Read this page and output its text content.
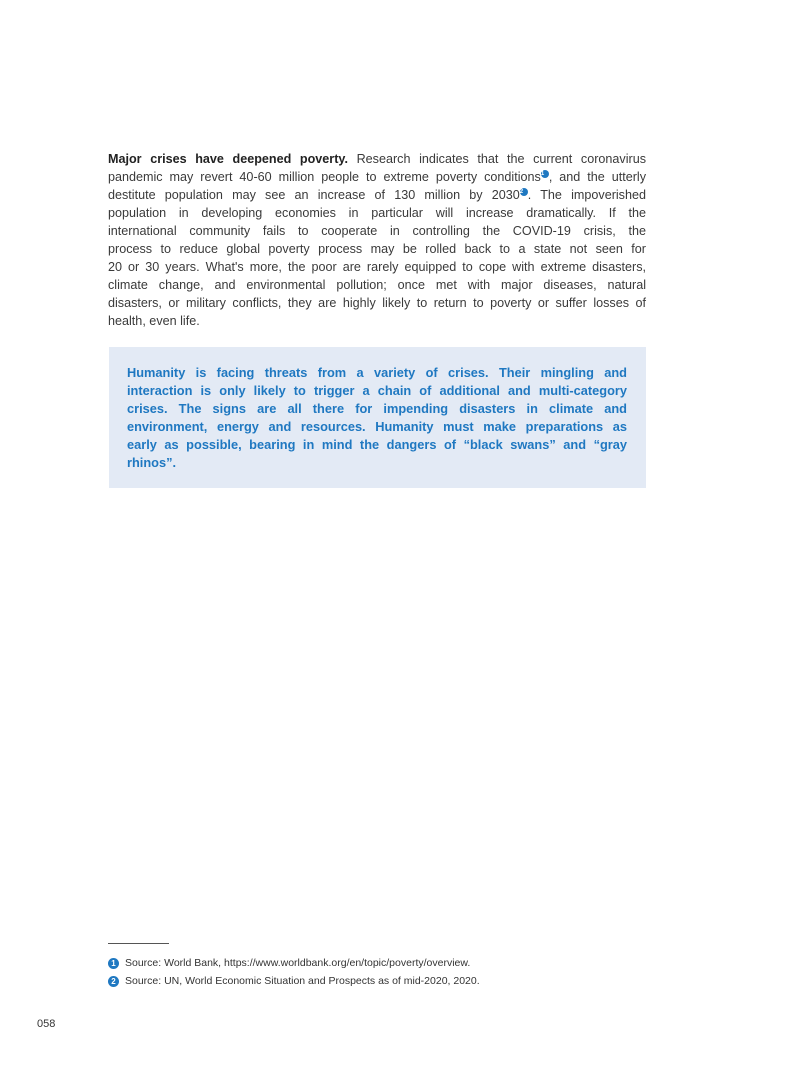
Major crises have deepened poverty. Research indicates that the current coronavirus
pandemic may revert 40-60 million people to extreme poverty conditions$^1$ , and the utterly
destitute population may see an increase of 130 million by 2030$^2$ . The impoverished
population in developing economies in particular will increase dramatically. If the
international community fails to cooperate in controlling the COVID-19 crisis, the
process to reduce global poverty process may be rolled back to a state not seen for
20 or 30 years. What's more, the poor are rarely equipped to cope with extreme disasters,
climate change, and environmental pollution; once met with major diseases, natural
disasters, or military conflicts, they are highly likely to return to poverty or suffer losses of
health, even life.
Humanity is facing threats from a variety of crises. Their mingling and
interaction is only likely to trigger a chain of additional and multi-category
crises. The signs are all there for impending disasters in climate and
environment, energy and resources. Humanity must make preparations as
early as possible, bearing in mind the dangers of “black swans” and “gray
rhinos”.
1 Source: World Bank, https://www.worldbank.org/en/topic/poverty/overview.
2 Source: UN, World Economic Situation and Prospects as of mid-2020, 2020.
058
